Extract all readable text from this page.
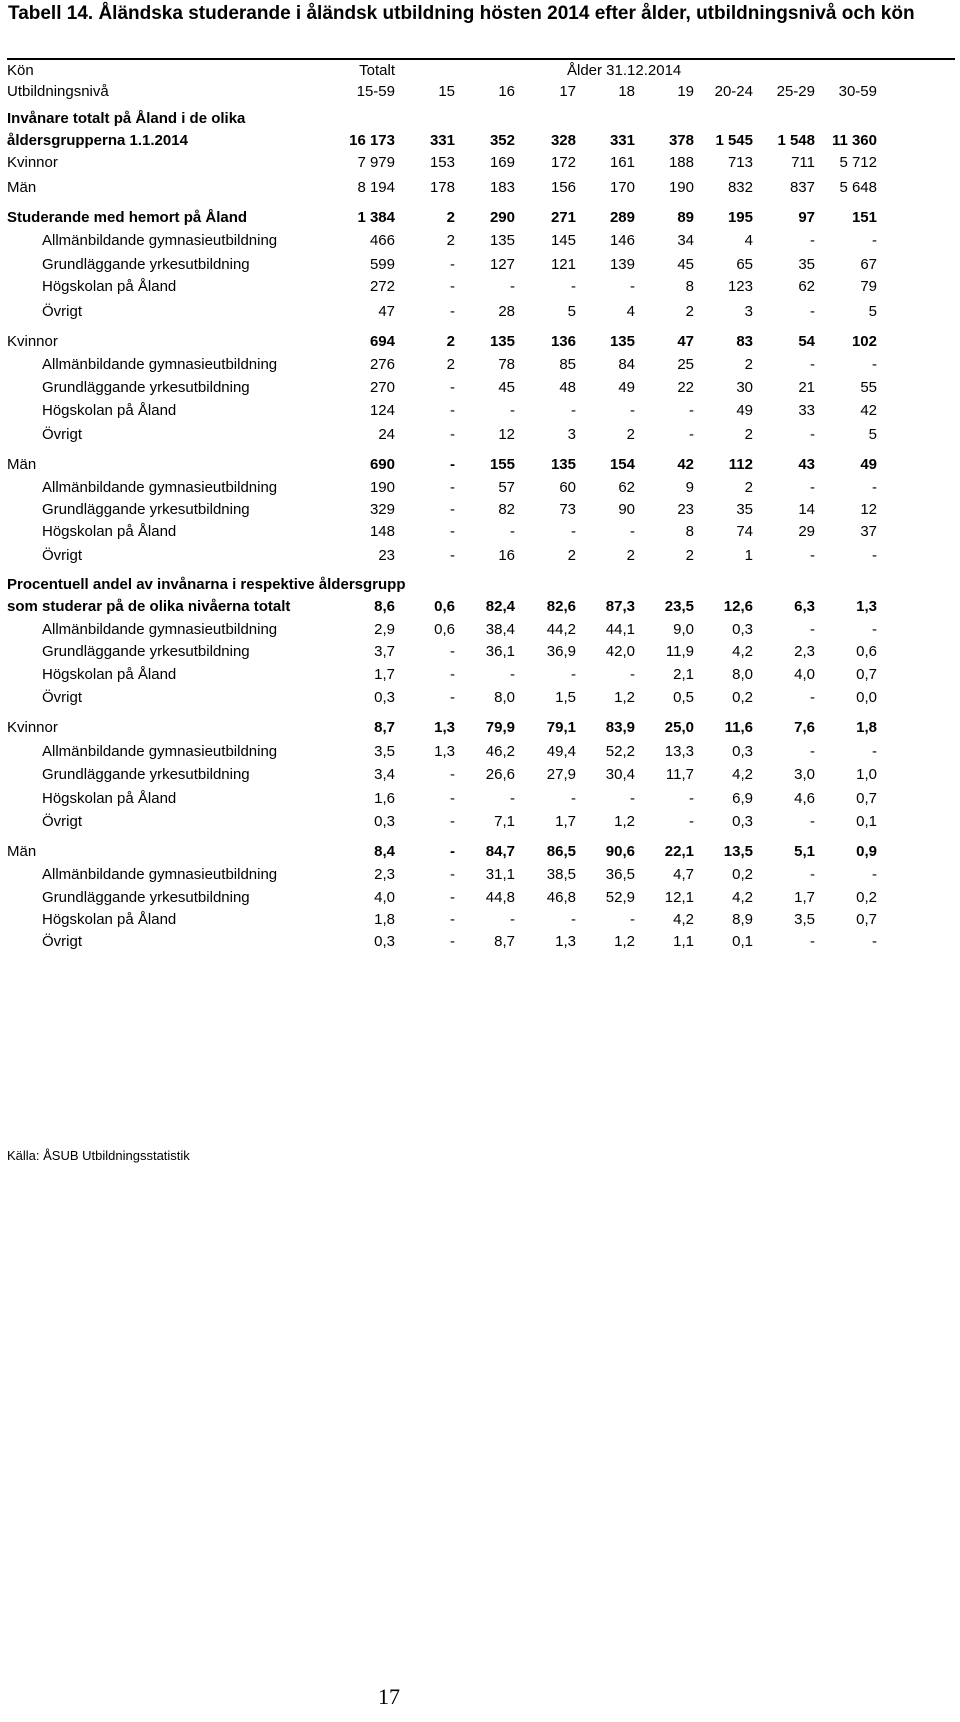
Tabell 14. Åländska studerande i åländsk utbildning hösten 2014 efter ålder, utbildningsnivå och kön
Kön	Totalt	Ålder 31.12.2014
Utbildningsnivå	15-59	15	16	17	18	19	20-24	25-29	30-59
Invånare totalt på Åland i de olika
åldersgrupperna 1.1.2014	16 173	331	352	328	331	378	1 545	1 548	11 360
Kvinnor	7 979	153	169	172	161	188	713	711	5 712
Män	8 194	178	183	156	170	190	832	837	5 648
Studerande med hemort på Åland	1 384	2	290	271	289	89	195	97	151
Allmänbildande gymnasieutbildning	466	2	135	145	146	34	4	-	-
Grundläggande yrkesutbildning	599	-	127	121	139	45	65	35	67
Högskolan på Åland	272	-	-	-	-	8	123	62	79
Övrigt	47	-	28	5	4	2	3	-	5
Kvinnor	694	2	135	136	135	47	83	54	102
Allmänbildande gymnasieutbildning	276	2	78	85	84	25	2	-	-
Grundläggande yrkesutbildning	270	-	45	48	49	22	30	21	55
Högskolan på Åland	124	-	-	-	-	-	49	33	42
Övrigt	24	-	12	3	2	-	2	-	5
Män	690	-	155	135	154	42	112	43	49
Allmänbildande gymnasieutbildning	190	-	57	60	62	9	2	-	-
Grundläggande yrkesutbildning	329	-	82	73	90	23	35	14	12
Högskolan på Åland	148	-	-	-	-	8	74	29	37
Övrigt	23	-	16	2	2	2	1	-	-
Procentuell andel av invånarna i respektive åldersgrupp
som studerar på de olika nivåerna totalt	8,6	0,6	82,4	82,6	87,3	23,5	12,6	6,3	1,3
Allmänbildande gymnasieutbildning	2,9	0,6	38,4	44,2	44,1	9,0	0,3	-	-
Grundläggande yrkesutbildning	3,7	-	36,1	36,9	42,0	11,9	4,2	2,3	0,6
Högskolan på Åland	1,7	-	-	-	-	2,1	8,0	4,0	0,7
Övrigt	0,3	-	8,0	1,5	1,2	0,5	0,2	-	0,0
Kvinnor	8,7	1,3	79,9	79,1	83,9	25,0	11,6	7,6	1,8
Allmänbildande gymnasieutbildning	3,5	1,3	46,2	49,4	52,2	13,3	0,3	-	-
Grundläggande yrkesutbildning	3,4	-	26,6	27,9	30,4	11,7	4,2	3,0	1,0
Högskolan på Åland	1,6	-	-	-	-	-	6,9	4,6	0,7
Övrigt	0,3	-	7,1	1,7	1,2	-	0,3	-	0,1
Män	8,4	-	84,7	86,5	90,6	22,1	13,5	5,1	0,9
Allmänbildande gymnasieutbildning	2,3	-	31,1	38,5	36,5	4,7	0,2	-	-
Grundläggande yrkesutbildning	4,0	-	44,8	46,8	52,9	12,1	4,2	1,7	0,2
Högskolan på Åland	1,8	-	-	-	-	4,2	8,9	3,5	0,7
Övrigt	0,3	-	8,7	1,3	1,2	1,1	0,1	-	-
Källa: ÅSUB Utbildningsstatistik
17
